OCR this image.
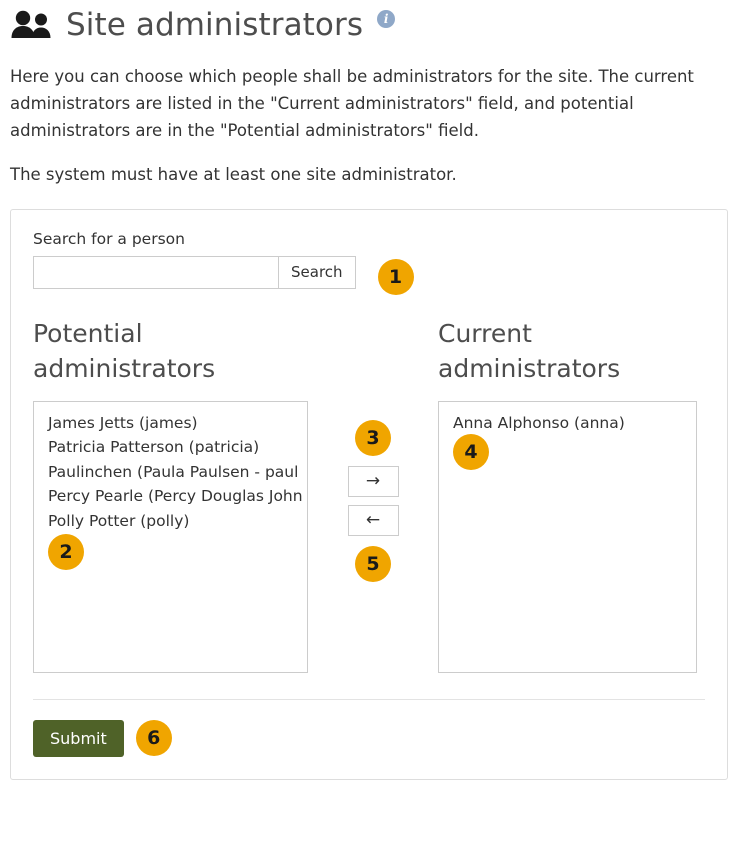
Site administrators	i

Here you can choose which people shall be administrators for the site. The current administrators are listed in the "Current administrators" field, and potential administrators are in the "Potential administrators" field.

The system must have at least one site administrator.

Search for a person
Search	1
Potential administrators
James Jetts (james)
Patricia Patterson (patricia)
Paulinchen (Paula Paulsen - paul
Percy Pearle (Percy Douglas John
Polly Potter (polly)
2
3
→
←
5
Current administrators
Anna Alphonso (anna)
4
Submit	6
